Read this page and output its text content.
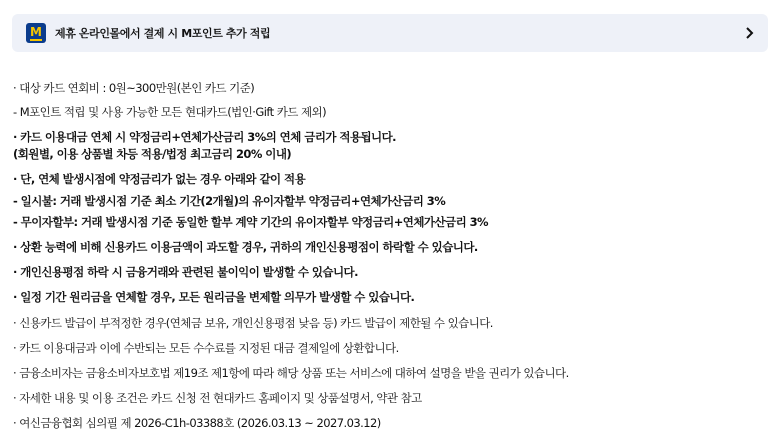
M 제휴 온라인몰에서 결제 시 M포인트 추가 적립
· 대상 카드 연회비 : 0원~300만원(본인 카드 기준)
- M포인트 적립 및 사용 가능한 모든 현대카드(법인·Gift 카드 제외)
· 카드 이용대금 연체 시 약정금리+연체가산금리 3%의 연체 금리가 적용됩니다.
(회원별, 이용 상품별 차등 적용/법정 최고금리 20% 이내)
· 단, 연체 발생시점에 약정금리가 없는 경우 아래와 같이 적용
- 일시불: 거래 발생시점 기준 최소 기간(2개월)의 유이자할부 약정금리+연체가산금리 3%
- 무이자할부: 거래 발생시점 기준 동일한 할부 계약 기간의 유이자할부 약정금리+연체가산금리 3%
· 상환 능력에 비해 신용카드 이용금액이 과도할 경우, 귀하의 개인신용평점이 하락할 수 있습니다.
· 개인신용평점 하락 시 금융거래와 관련된 불이익이 발생할 수 있습니다.
· 일정 기간 원리금을 연체할 경우, 모든 원리금을 변제할 의무가 발생할 수 있습니다.
· 신용카드 발급이 부적정한 경우(연체금 보유, 개인신용평점 낮음 등) 카드 발급이 제한될 수 있습니다.
· 카드 이용대금과 이에 수반되는 모든 수수료를 지정된 대금 결제일에 상환합니다.
· 금융소비자는 금융소비자보호법 제19조 제1항에 따라 해당 상품 또는 서비스에 대하여 설명을 받을 권리가 있습니다.
· 자세한 내용 및 이용 조건은 카드 신청 전 현대카드 홈페이지 및 상품설명서, 약관 참고
· 여신금융협회 심의필 제 2026-C1h-03388호 (2026.03.13 ~ 2027.03.12)
